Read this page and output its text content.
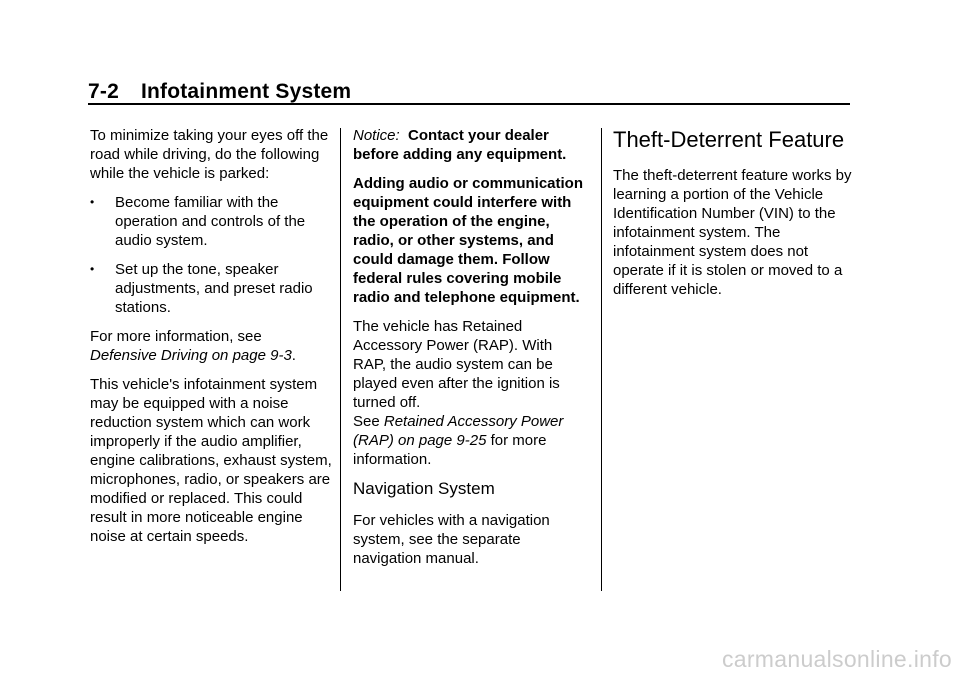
7-2 Infotainment System

To minimize taking your eyes off the road while driving, do the following while the vehicle is parked:

• Become familiar with the operation and controls of the audio system.
• Set up the tone, speaker adjustments, and preset radio stations.

For more information, see Defensive Driving on page 9-3.

This vehicle's infotainment system may be equipped with a noise reduction system which can work improperly if the audio amplifier, engine calibrations, exhaust system, microphones, radio, or speakers are modified or replaced. This could result in more noticeable engine noise at certain speeds.

Notice: Contact your dealer before adding any equipment.

Adding audio or communication equipment could interfere with the operation of the engine, radio, or other systems, and could damage them. Follow federal rules covering mobile radio and telephone equipment.

The vehicle has Retained Accessory Power (RAP). With RAP, the audio system can be played even after the ignition is turned off.
See Retained Accessory Power (RAP) on page 9-25 for more information.

Navigation System

For vehicles with a navigation system, see the separate navigation manual.

Theft-Deterrent Feature

The theft-deterrent feature works by learning a portion of the Vehicle Identification Number (VIN) to the infotainment system. The infotainment system does not operate if it is stolen or moved to a different vehicle.

carmanualsonline.info
